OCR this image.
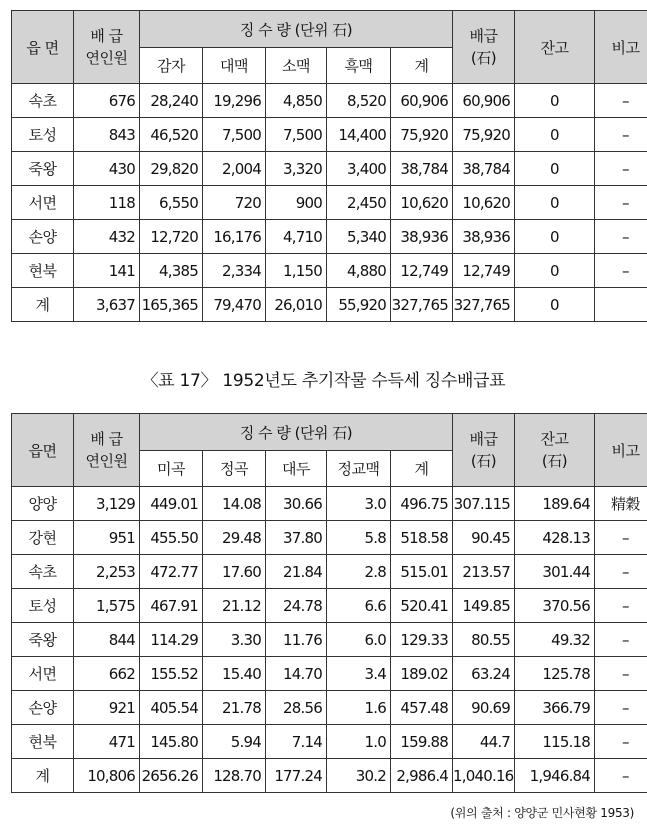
읍 면	배 급
연인원	징 수 량 (단위 石)					배급
(石)	잔고	비고
		감자	대맥	소맥	흑맥	계			
속초	676	28,240	19,296	4,850	8,520	60,906	60,906	0	–
토성	843	46,520	7,500	7,500	14,400	75,920	75,920	0	–
죽왕	430	29,820	2,004	3,320	3,400	38,784	38,784	0	–
서면	118	6,550	720	900	2,450	10,620	10,620	0	–
손양	432	12,720	16,176	4,710	5,340	38,936	38,936	0	–
현북	141	4,385	2,334	1,150	4,880	12,749	12,749	0	–
계	3,637	165,365	79,470	26,010	55,920	327,765	327,765	0	
〈표 17〉 1952년도 추기작물 수득세 징수배급표
읍면	배 급
연인원	징 수 량 (단위 石)					배급
(石)	잔고
(石)	비고
		미곡	정곡	대두	정교맥	계			
양양	3,129	449.01	14.08	30.66	3.0	496.75	307.115	189.64	精穀
강현	951	455.50	29.48	37.80	5.8	518.58	90.45	428.13	–
속초	2,253	472.77	17.60	21.84	2.8	515.01	213.57	301.44	–
토성	1,575	467.91	21.12	24.78	6.6	520.41	149.85	370.56	–
죽왕	844	114.29	3.30	11.76	6.0	129.33	80.55	49.32	–
서면	662	155.52	15.40	14.70	3.4	189.02	63.24	125.78	–
손양	921	405.54	21.78	28.56	1.6	457.48	90.69	366.79	–
현북	471	145.80	5.94	7.14	1.0	159.88	44.7	115.18	–
계	10,806	2656.26	128.70	177.24	30.2	2,986.4	1,040.16	1,946.84	–
(위의 출처 : 양양군 민사현황 1953)
